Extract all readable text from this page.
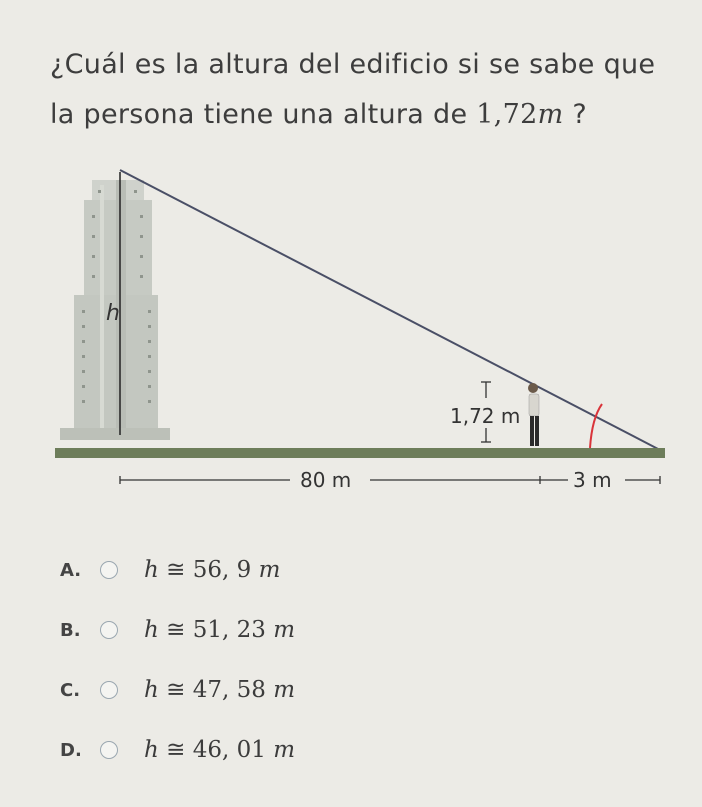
¿Cuál es la altura del edificio si se sabe que
la persona tiene una altura de 1,72m ?
h
1,72 m
80 m	3 m
A.	h ≅ 56, 9 m
B.	h ≅ 51, 23 m
C.	h ≅ 47, 58 m
D.	h ≅ 46, 01 m
